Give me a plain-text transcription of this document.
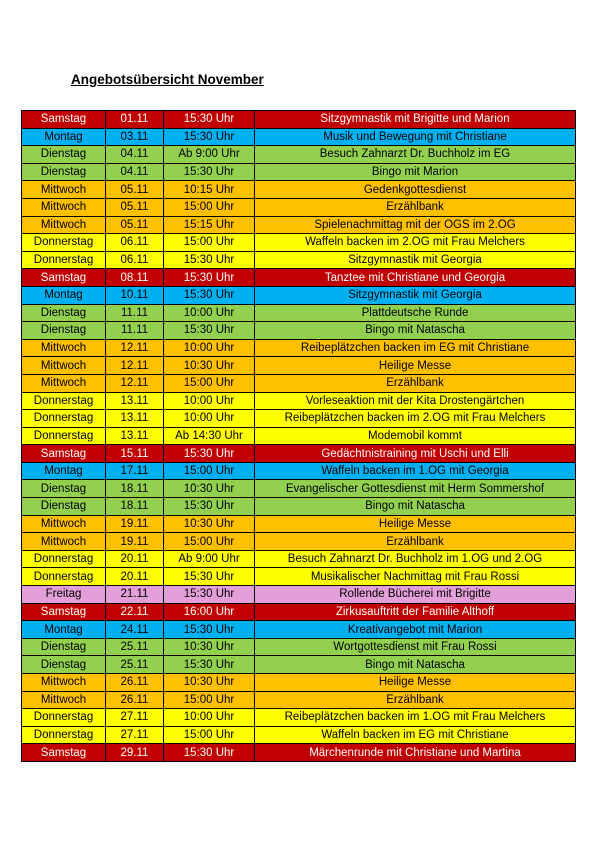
Angebotsübersicht November
Samstag	01.11	15:30 Uhr	Sitzgymnastik mit Brigitte und Marion
Montag	03.11	15:30 Uhr	Musik und Bewegung mit Christiane
Dienstag	04.11	Ab 9:00 Uhr	Besuch Zahnarzt Dr. Buchholz im EG
Dienstag	04.11	15:30 Uhr	Bingo mit Marion
Mittwoch	05.11	10:15 Uhr	Gedenkgottesdienst
Mittwoch	05.11	15:00 Uhr	Erzählbank
Mittwoch	05.11	15:15 Uhr	Spielenachmittag mit der OGS im 2.OG
Donnerstag	06.11	15:00 Uhr	Waffeln backen im 2.OG mit Frau Melchers
Donnerstag	06.11	15:30 Uhr	Sitzgymnastik mit Georgia
Samstag	08.11	15:30 Uhr	Tanztee mit Christiane und Georgia
Montag	10.11	15:30 Uhr	Sitzgymnastik mit Georgia
Dienstag	11.11	10:00 Uhr	Plattdeutsche Runde
Dienstag	11.11	15:30 Uhr	Bingo mit Natascha
Mittwoch	12.11	10:00 Uhr	Reibeplätzchen backen im EG mit Christiane
Mittwoch	12.11	10:30 Uhr	Heilige Messe
Mittwoch	12.11	15:00 Uhr	Erzählbank
Donnerstag	13.11	10:00 Uhr	Vorleseaktion mit der Kita Drostengärtchen
Donnerstag	13.11	10:00 Uhr	Reibeplätzchen backen im 2.OG mit Frau Melchers
Donnerstag	13.11	Ab 14:30 Uhr	Modemobil kommt
Samstag	15.11	15:30 Uhr	Gedächtnistraining mit Uschi und Elli
Montag	17.11	15:00 Uhr	Waffeln backen im 1.OG mit Georgia
Dienstag	18.11	10:30 Uhr	Evangelischer Gottesdienst mit Herm Sommershof
Dienstag	18.11	15:30 Uhr	Bingo mit Natascha
Mittwoch	19.11	10:30 Uhr	Heilige Messe
Mittwoch	19.11	15:00 Uhr	Erzählbank
Donnerstag	20.11	Ab 9:00 Uhr	Besuch Zahnarzt Dr. Buchholz im 1.OG und 2.OG
Donnerstag	20.11	15:30 Uhr	Musikalischer Nachmittag mit Frau Rossi
Freitag	21.11	15:30 Uhr	Rollende Bücherei mit Brigitte
Samstag	22.11	16:00 Uhr	Zirkusauftritt der Familie Althoff
Montag	24.11	15:30 Uhr	Kreativangebot mit Marion
Dienstag	25.11	10:30 Uhr	Wortgottesdienst mit Frau Rossi
Dienstag	25.11	15:30 Uhr	Bingo mit Natascha
Mittwoch	26.11	10:30 Uhr	Heilige Messe
Mittwoch	26.11	15:00 Uhr	Erzählbank
Donnerstag	27.11	10:00 Uhr	Reibeplätzchen backen im 1.OG mit Frau Melchers
Donnerstag	27.11	15:00 Uhr	Waffeln backen im EG mit Christiane
Samstag	29.11	15:30 Uhr	Märchenrunde mit Christiane und Martina
